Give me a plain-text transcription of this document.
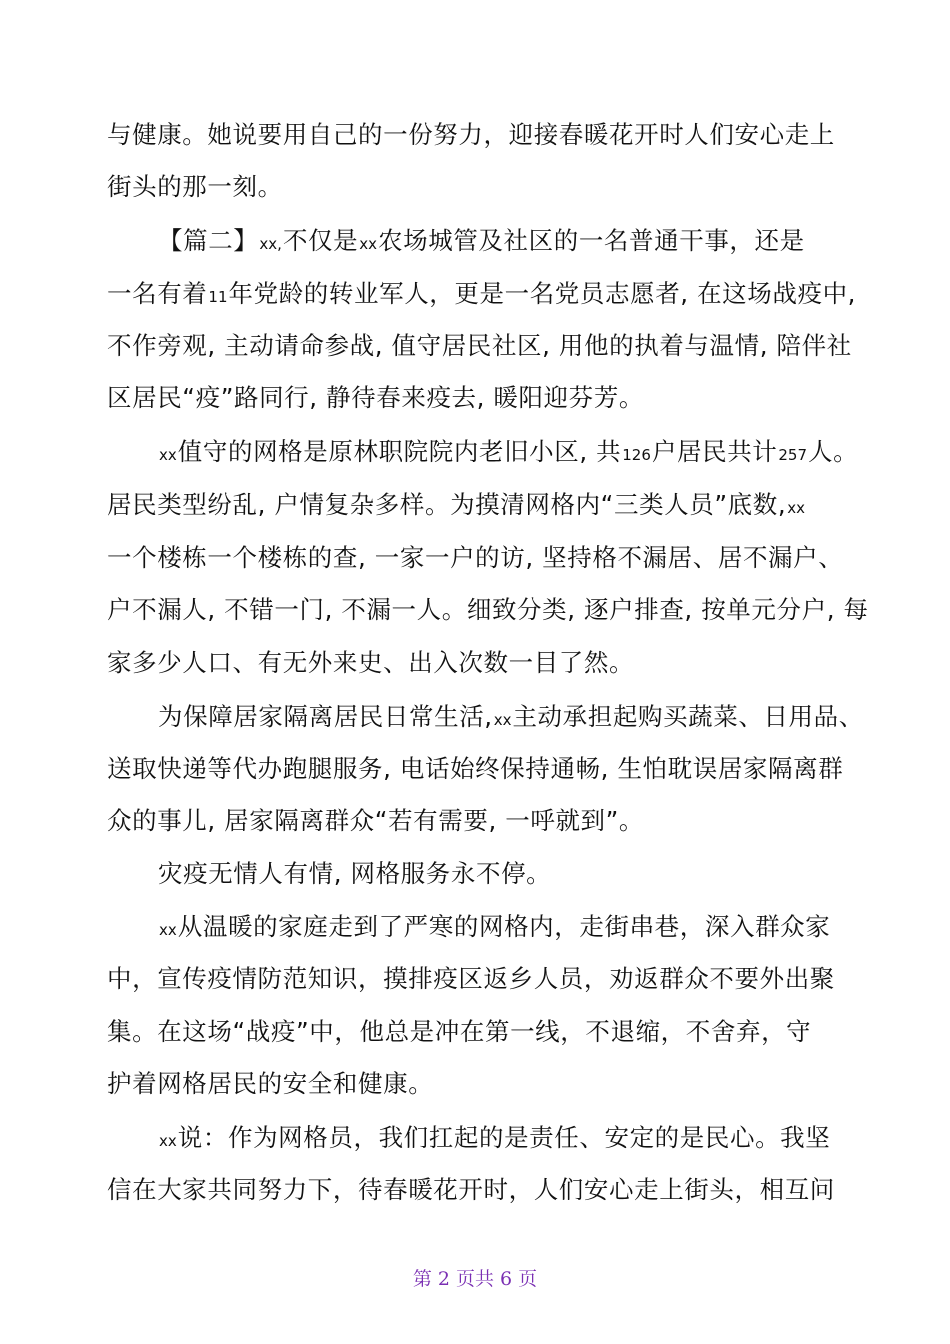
与健康。她说要用自己的一份努力，迎接春暖花开时人们安心走上
街头的那一刻。
【篇二】xx,不仅是xx农场城管及社区的一名普通干事，还是
一名有着11年党龄的转业军人，更是一名党员志愿者, 在这场战疫中,
不作旁观, 主动请命参战, 值守居民社区, 用他的执着与温情, 陪伴社
区居民“疫”路同行, 静待春来疫去, 暖阳迎芬芳。
xx值守的网格是原林职院院内老旧小区, 共126户居民共计257人。
居民类型纷乱, 户情复杂多样。为摸清网格内“三类人员”底数,xx
一个楼栋一个楼栋的查, 一家一户的访, 坚持格不漏居、居不漏户、
户不漏人, 不错一门, 不漏一人。细致分类, 逐户排查, 按单元分户, 每
家多少人口、有无外来史、出入次数一目了然。
为保障居家隔离居民日常生活,xx主动承担起购买蔬菜、日用品、
送取快递等代办跑腿服务, 电话始终保持通畅, 生怕耽误居家隔离群
众的事儿, 居家隔离群众“若有需要, 一呼就到”。
灾疫无情人有情, 网格服务永不停。
xx从温暖的家庭走到了严寒的网格内，走街串巷，深入群众家
中，宣传疫情防范知识，摸排疫区返乡人员，劝返群众不要外出聚
集。在这场“战疫”中，他总是冲在第一线，不退缩，不舍弃，守
护着网格居民的安全和健康。
xx说：作为网格员，我们扛起的是责任、安定的是民心。我坚
信在大家共同努力下，待春暖花开时，人们安心走上街头，相互问
第 2 页共 6 页
